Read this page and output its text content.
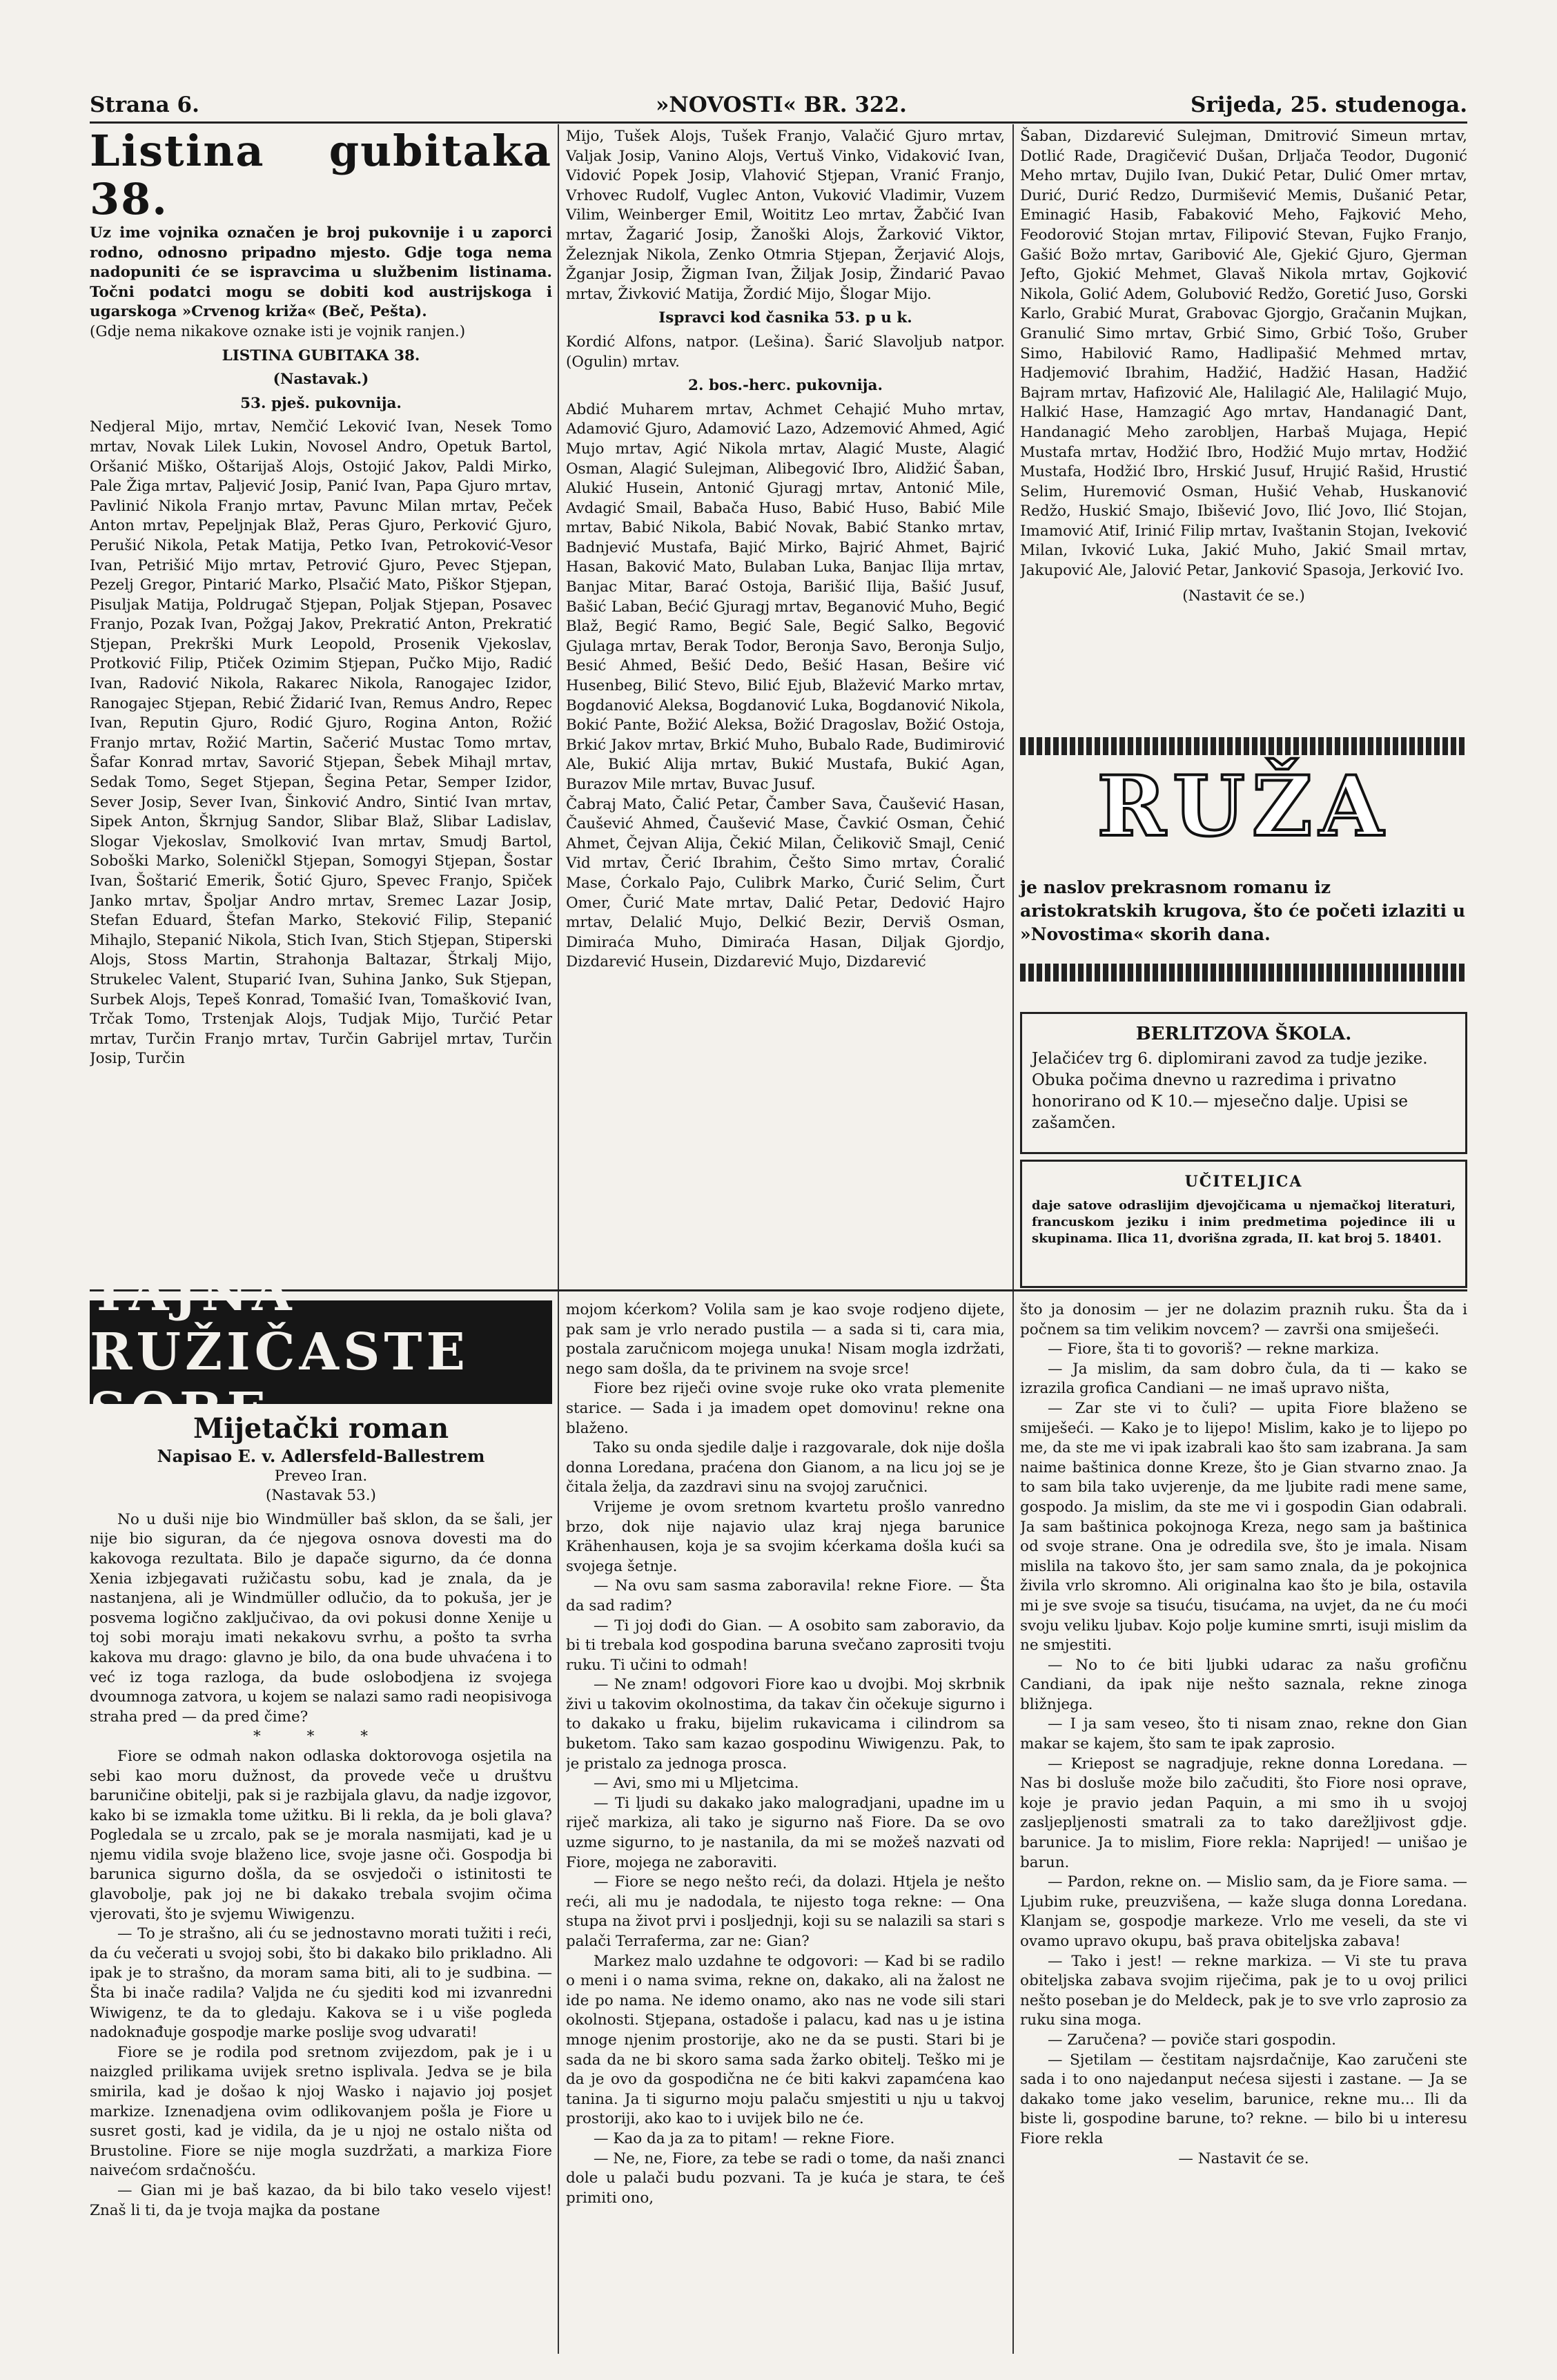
Strana 6.	»NOVOSTI« BR. 322.	Srijeda, 25. studenoga.

Listina gubitaka 38.

Uz ime vojnika označen je broj pukovnije i u zaporci rodno, odnosno pripadno mjesto. Gdje toga nema nadopuniti će se ispravcima u službenim listinama. Točni podatci mogu se dobiti kod austrijskoga i ugarskoga »Crvenog križa« (Beč, Pešta).

(Gdje nema nikakove oznake isti je vojnik ranjen.)

LISTINA GUBITAKA 38.

(Nastavak.)

53. pješ. pukovnija.

Nedjeral Mijo, mrtav, Nemčić Leković Ivan, Nesek Tomo mrtav, Novak Lilek Lukin, Novosel Andro, Opetuk Bartol, Oršanić Miško, Oštarijaš Alojs, Ostojić Jakov, Paldi Mirko, Pale Žiga mrtav, Paljević Josip, Panić Ivan, Papa Gjuro mrtav, Pavlinić Nikola Franjo mrtav, Pavunc Milan mrtav, Peček Anton mrtav, Pepeljnjak Blaž, Peras Gjuro, Perković Gjuro, Perušić Nikola, Petak Matija, Petko Ivan, Petroković-Vesor Ivan, Petrišić Mijo mrtav, Petrović Gjuro, Pevec Stjepan, Pezelj Gregor, Pintarić Marko, Plsačić Mato, Piškor Stjepan, Pisuljak Matija, Poldrugač Stjepan, Poljak Stjepan, Posavec Franjo, Pozak Ivan, Požgaj Jakov, Prekratić Anton, Prekratić Stjepan, Prekrški Murk Leopold, Prosenik Vjekoslav, Protković Filip, Ptiček Ozimim Stjepan, Pučko Mijo, Radić Ivan, Radović Nikola, Rakarec Nikola, Ranogajec Izidor, Ranogajec Stjepan, Rebić Židarić Ivan, Remus Andro, Repec Ivan, Reputin Gjuro, Rodić Gjuro, Rogina Anton, Rožić Franjo mrtav, Rožić Martin, Sačerić Mustac Tomo mrtav, Šafar Konrad mrtav, Savorić Stjepan, Šebek Mihajl mrtav, Sedak Tomo, Seget Stjepan, Šegina Petar, Semper Izidor, Sever Josip, Sever Ivan, Šinković Andro, Sintić Ivan mrtav, Sipek Anton, Škrnjug Sandor, Slibar Blaž, Slibar Ladislav, Slogar Vjekoslav, Smolković Ivan mrtav, Smudj Bartol, Soboški Marko, Soleničkl Stjepan, Somogyi Stjepan, Šostar Ivan, Šoštarić Emerik, Šotić Gjuro, Spevec Franjo, Spiček Janko mrtav, Špoljar Andro mrtav, Sremec Lazar Josip, Stefan Eduard, Štefan Marko, Steković Filip, Stepanić Mihajlo, Stepanić Nikola, Stich Ivan, Stich Stjepan, Stiperski Alojs, Stoss Martin, Strahonja Baltazar, Štrkalj Mijo, Strukelec Valent, Stuparić Ivan, Suhina Janko, Suk Stjepan, Surbek Alojs, Tepeš Konrad, Tomašić Ivan, Tomašković Ivan, Trčak Tomo, Trstenjak Alojs, Tudjak Mijo, Turčić Petar mrtav, Turčin Franjo mrtav, Turčin Gabrijel mrtav, Turčin Josip, Turčin

Mijo, Tušek Alojs, Tušek Franjo, Valačić Gjuro mrtav, Valjak Josip, Vanino Alojs, Vertuš Vinko, Vidaković Ivan, Vidović Popek Josip, Vlahović Stjepan, Vranić Franjo, Vrhovec Rudolf, Vuglec Anton, Vuković Vladimir, Vuzem Vilim, Weinberger Emil, Woititz Leo mrtav, Žabčić Ivan mrtav, Žagarić Josip, Žanoški Alojs, Žarković Viktor, Železnjak Nikola, Zenko Otmria Stjepan, Žerjavić Alojs, Žganjar Josip, Žigman Ivan, Žiljak Josip, Žindarić Pavao mrtav, Živković Matija, Žordić Mijo, Šlogar Mijo.

Ispravci kod časnika 53. p u k.

Kordić Alfons, natpor. (Lešina). Šarić Slavoljub natpor. (Ogulin) mrtav.

2. bos.-herc. pukovnija.

Abdić Muharem mrtav, Achmet Cehajić Muho mrtav, Adamović Gjuro, Adamović Lazo, Adzemović Ahmed, Agić Mujo mrtav, Agić Nikola mrtav, Alagić Muste, Alagić Osman, Alagić Sulejman, Alibegović Ibro, Alidžić Šaban, Alukić Husein, Antonić Gjuragj mrtav, Antonić Mile, Avdagić Smail, Babača Huso, Babić Huso, Babić Mile mrtav, Babić Nikola, Babić Novak, Babić Stanko mrtav, Badnjević Mustafa, Bajić Mirko, Bajrić Ahmet, Bajrić Hasan, Baković Mato, Bulaban Luka, Banjac Ilija mrtav, Banjac Mitar, Barać Ostoja, Barišić Ilija, Bašić Jusuf, Bašić Laban, Bećić Gjuragj mrtav, Beganović Muho, Begić Blaž, Begić Ramo, Begić Sale, Begić Salko, Begović Gjulaga mrtav, Berak Todor, Beronja Savo, Beronja Suljo, Besić Ahmed, Bešić Dedo, Bešić Hasan, Bešire vić Husenbeg, Bilić Stevo, Bilić Ejub, Blažević Marko mrtav, Bogdanović Aleksa, Bogdanović Luka, Bogdanović Nikola, Bokić Pante, Božić Aleksa, Božić Dragoslav, Božić Ostoja, Brkić Jakov mrtav, Brkić Muho, Bubalo Rade, Budimirović Ale, Bukić Alija mrtav, Bukić Mustafa, Bukić Agan, Burazov Mile mrtav, Buvac Jusuf.

Čabraj Mato, Čalić Petar, Čamber Sava, Čaušević Hasan, Čaušević Ahmed, Čaušević Mase, Čavkić Osman, Čehić Ahmet, Čejvan Alija, Čekić Milan, Čelikovič Smajl, Cenić Vid mrtav, Čerić Ibrahim, Češto Simo mrtav, Ćoralić Mase, Ćorkalo Pajo, Culibrk Marko, Čurić Selim, Čurt Omer, Čurić Mate mrtav, Dalić Petar, Dedović Hajro mrtav, Delalić Mujo, Delkić Bezir, Derviš Osman, Dimiraća Muho, Dimiraća Hasan, Diljak Gjordjo, Dizdarević Husein, Dizdarević Mujo, Dizdarević

Šaban, Dizdarević Sulejman, Dmitrović Simeun mrtav, Dotlić Rade, Dragičević Dušan, Drljača Teodor, Dugonić Meho mrtav, Dujilo Ivan, Dukić Petar, Dulić Omer mrtav, Durić, Durić Redzo, Durmišević Memis, Dušanić Petar, Eminagić Hasib, Fabaković Meho, Fajković Meho, Feodorović Stojan mrtav, Filipović Stevan, Fujko Franjo, Gašić Božo mrtav, Garibović Ale, Gjekić Gjuro, Gjerman Jefto, Gjokić Mehmet, Glavaš Nikola mrtav, Gojković Nikola, Golić Adem, Golubović Redžo, Goretić Juso, Gorski Karlo, Grabić Murat, Grabovac Gjorgjo, Gračanin Mujkan, Granulić Simo mrtav, Grbić Simo, Grbić Tošo, Gruber Simo, Habilović Ramo, Hadlipašić Mehmed mrtav, Hadjemović Ibrahim, Hadžić, Hadžić Hasan, Hadžić Bajram mrtav, Hafizović Ale, Halilagić Ale, Halilagić Mujo, Halkić Hase, Hamzagić Ago mrtav, Handanagić Dant, Handanagić Meho zarobljen, Harbaš Mujaga, Hepić Mustafa mrtav, Hodžić Ibro, Hodžić Mujo mrtav, Hodžić Mustafa, Hodžić Ibro, Hrskić Jusuf, Hrujić Rašid, Hrustić Selim, Huremović Osman, Hušić Vehab, Huskanović Redžo, Huskić Smajo, Ibišević Jovo, Ilić Jovo, Ilić Stojan, Imamović Atif, Irinić Filip mrtav, Ivaštanin Stojan, Iveković Milan, Ivković Luka, Jakić Muho, Jakić Smail mrtav, Jakupović Ale, Jalović Petar, Janković Spasoja, Jerković Ivo.

(Nastavit će se.)

RUŽA

je naslov prekrasnom romanu iz aristokratskih krugova, što će početi izlaziti u »Novostima« skorih dana.

BERLITZOVA ŠKOLA.

Jelačićev trg 6. diplomirani zavod za tudje jezike. Obuka počima dnevno u razredima i privatno honorirano od K 10.— mjesečno dalje. Upisi se zašamčen.

UČITELJICA

daje satove odraslijim djevojčicama u njemačkoj literaturi, francuskom jeziku i inim predmetima pojedince ili u skupinama. Ilica 11, dvorišna zgrada, II. kat broj 5. 18401.

TAJNA RUŽIČASTE SOBE

Mijetački roman

Napisao E. v. Adlersfeld-Ballestrem

Preveo Iran.

(Nastavak 53.)

No u duši nije bio Windmüller baš sklon, da se šali, jer nije bio siguran, da će njegova osnova dovesti ma do kakovoga rezultata. Bilo je dapače sigurno, da će donna Xenia izbjegavati ružičastu sobu, kad je znala, da je nastanjena, ali je Windmüller odlučio, da to pokuša, jer je posvema logično zaključivao, da ovi pokusi donne Xenije u toj sobi moraju imati nekakovu svrhu, a pošto ta svrha kakova mu drago: glavno je bilo, da ona bude uhvaćena i to već iz toga razloga, da bude oslobodjena iz svojega dvoumnoga zatvora, u kojem se nalazi samo radi neopisivoga straha pred — da pred čime?

* * *

Fiore se odmah nakon odlaska doktorovoga osjetila na sebi kao moru dužnost, da provede veče u društvu baruničine obitelji, pak si je razbijala glavu, da nadje izgovor, kako bi se izmakla tome užitku. Bi li rekla, da je boli glava? Pogledala se u zrcalo, pak se je morala nasmijati, kad je u njemu vidila svoje blaženo lice, svoje jasne oči. Gospodja bi barunica sigurno došla, da se osvjedoči o istinitosti te glavobolje, pak joj ne bi dakako trebala svojim očima vjerovati, što je svjemu Wiwigenzu.

— To je strašno, ali ću se jednostavno morati tužiti i reći, da ću večerati u svojoj sobi, što bi dakako bilo prikladno. Ali ipak je to strašno, da moram sama biti, ali to je sudbina. — Šta bi inače radila? Valjda ne ću sjediti kod mi izvanredni Wiwigenz, te da to gledaju. Kakova se i u više pogleda nadoknađuje gospodje marke poslije svog udvarati!

Fiore se je rodila pod sretnom zvijezdom, pak je i u naizgled prilikama uvijek sretno isplivala. Jedva se je bila smirila, kad je došao k njoj Wasko i najavio joj posjet markize. Iznenadjena ovim odlikovanjem pošla je Fiore u susret gosti, kad je vidila, da je u njoj ne ostalo ništa od Brustoline. Fiore se nije mogla suzdržati, a markiza Fiore naivećom srdačnošću.

— Gian mi je baš kazao, da bi bilo tako veselo vijest! Znaš li ti, da je tvoja majka da postane

mojom kćerkom? Volila sam je kao svoje rodjeno dijete, pak sam je vrlo nerado pustila — a sada si ti, cara mia, postala zaručnicom mojega unuka! Nisam mogla izdržati, nego sam došla, da te privinem na svoje srce!

Fiore bez riječi ovine svoje ruke oko vrata plemenite starice. — Sada i ja imadem opet domovinu! rekne ona blaženo.

Tako su onda sjedile dalje i razgovarale, dok nije došla donna Loredana, praćena don Gianom, a na licu joj se je čitala želja, da zazdravi sinu na svojoj zaručnici.

Vrijeme je ovom sretnom kvartetu prošlo vanredno brzo, dok nije najavio ulaz kraj njega barunice Krähenhausen, koja je sa svojim kćerkama došla kući sa svojega šetnje.

— Na ovu sam sasma zaboravila! rekne Fiore. — Šta da sad radim?

— Ti joj dođi do Gian. — A osobito sam zaboravio, da bi ti trebala kod gospodina baruna svečano zaprositi tvoju ruku. Ti učini to odmah!

— Ne znam! odgovori Fiore kao u dvojbi. Moj skrbnik živi u takovim okolnostima, da takav čin očekuje sigurno i to dakako u fraku, bijelim rukavicama i cilindrom sa buketom. Tako sam kazao gospodinu Wiwigenzu. Pak, to je pristalo za jednoga prosca.

— Avi, smo mi u Mljetcima.

— Ti ljudi su dakako jako malogradjani, upadne im u riječ markiza, ali tako je sigurno naš Fiore. Da se ovo uzme sigurno, to je nastanila, da mi se možeš nazvati od Fiore, mojega ne zaboraviti.

— Fiore se nego nešto reći, da dolazi. Htjela je nešto reći, ali mu je nadodala, te nijesto toga rekne: — Ona stupa na život prvi i posljednji, koji su se nalazili sa stari s palači Terraferma, zar ne: Gian?

Markez malo uzdahne te odgovori: — Kad bi se radilo o meni i o nama svima, rekne on, dakako, ali na žalost ne ide po nama. Ne idemo onamo, ako nas ne vode sili stari okolnosti. Stjepana, ostadoše i palacu, kad nas u je istina mnoge njenim prostorije, ako ne da se pusti. Stari bi je sada da ne bi skoro sama sada žarko obitelj. Teško mi je da je ovo da gospodična ne će biti kakvi zapamćena kao tanina. Ja ti sigurno moju palaču smjestiti u nju u takvoj prostoriji, ako kao to i uvijek bilo ne će.

— Kao da ja za to pitam! — rekne Fiore.

— Ne, ne, Fiore, za tebe se radi o tome, da naši znanci dole u palači budu pozvani. Ta je kuća je stara, te ćeš primiti ono,

što ja donosim — jer ne dolazim praznih ruku. Šta da i počnem sa tim velikim novcem? — završi ona smiješeći.

— Fiore, šta ti to govoriš? — rekne markiza.

— Ja mislim, da sam dobro čula, da ti — kako se izrazila grofica Candiani — ne imaš upravo ništa,

— Zar ste vi to čuli? — upita Fiore blaženo se smiješeći. — Kako je to lijepo! Mislim, kako je to lijepo po me, da ste me vi ipak izabrali kao što sam izabrana. Ja sam naime baštinica donne Kreze, što je Gian stvarno znao. Ja to sam bila tako uvjerenje, da me ljubite radi mene same, gospodo. Ja mislim, da ste me vi i gospodin Gian odabrali. Ja sam baštinica pokojnoga Kreza, nego sam ja baštinica od svoje strane. Ona je odredila sve, što je imala. Nisam mislila na takovo što, jer sam samo znala, da je pokojnica živila vrlo skromno. Ali originalna kao što je bila, ostavila mi je sve svoje sa tisuću, tisućama, na uvjet, da ne ću moći svoju veliku ljubav. Kojo polje kumine smrti, isuji mislim da ne smjestiti.

— No to će biti ljubki udarac za našu grofičnu Candiani, da ipak nije nešto saznala, rekne zinoga bližnjega.

— I ja sam veseo, što ti nisam znao, rekne don Gian makar se kajem, što sam te ipak zaprosio.

— Kriepost se nagradjuje, rekne donna Loredana. — Nas bi dosluše može bilo začuditi, što Fiore nosi oprave, koje je pravio jedan Paquin, a mi smo ih u svojoj zasljepljenosti smatrali za to tako darežljivost gdje. barunice. Ja to mislim, Fiore rekla: Naprijed! — unišao je barun.

— Pardon, rekne on. — Mislio sam, da je Fiore sama. — Ljubim ruke, preuzvišena, — kaže sluga donna Loredana. Klanjam se, gospodje markeze. Vrlo me veseli, da ste vi ovamo upravo okupu, baš prava obiteljska zabava!

— Tako i jest! — rekne markiza. — Vi ste tu prava obiteljska zabava svojim riječima, pak je to u ovoj prilici nešto poseban je do Meldeck, pak je to sve vrlo zaprosio za ruku sina moga.

— Zaručena? — poviče stari gospodin.

— Sjetilam — čestitam najsrdačnije, Kao zaručeni ste sada i to ono najedanput nećesa sijesti i zastane. — Ja se dakako tome jako veselim, barunice, rekne mu... Ili da biste li, gospodine barune, to? rekne. — bilo bi u interesu Fiore rekla

— Nastavit će se.
